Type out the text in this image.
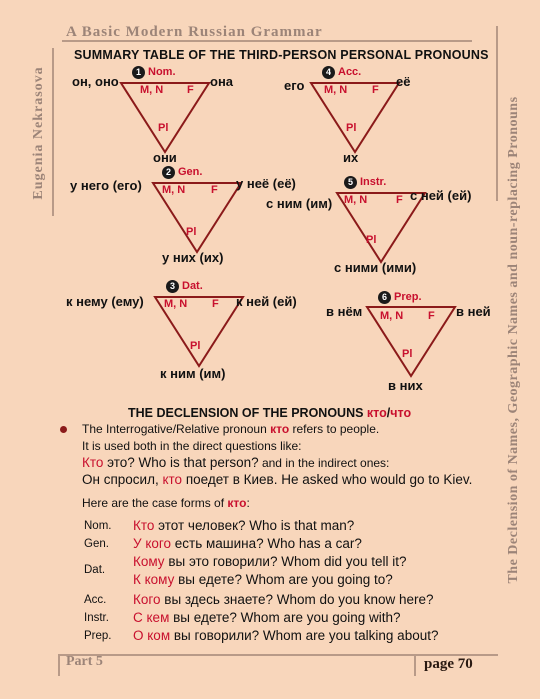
A Basic Modern Russian Grammar
Eugenia Nekrasova	The Declension of Names, Geographic Names and noun-replacing Pronouns
Part 5	page 70
SUMMARY TABLE OF THE THIRD-PERSON PERSONAL PRONOUNS
1 Nom.
он, оно	она
M, N F
Pl
они
4 Acc.
его	её
M, N F
Pl
их
2 Gen.
у него (его)	у неё (её)
M, N F
Pl
у них (их)
5 Instr.
с ним (им)
с ней (ей)
M, N	F
Pl
с ними (ими)
3 Dat.
к нему (ему)	к ней (ей)
M, N F
Pl
к ним (им)
6 Prep.
в нём	в ней
M, N F
Pl
в них
THE DECLENSION OF THE PRONOUNS кто/что
The Interrogative/Relative pronoun кто refers to people.
It is used both in the direct questions like:
Кто это? Who is that person? and in the indirect ones:
Он спросил, кто поедет в Киев. He asked who would go to Kiev.
Here are the case forms of кто:
Nom. Кто этот человек? Who is that man?
Gen. У кого есть машина? Who has a car?
Dat.
Кому вы это говорили? Whom did you tell it?
К кому вы едете? Whom are you going to?
Acc. Кого вы здесь знаете? Whom do you know here?
Instr. С кем вы едете? Whom are you going with?
Prep. О ком вы говорили? Whom are you talking about?
